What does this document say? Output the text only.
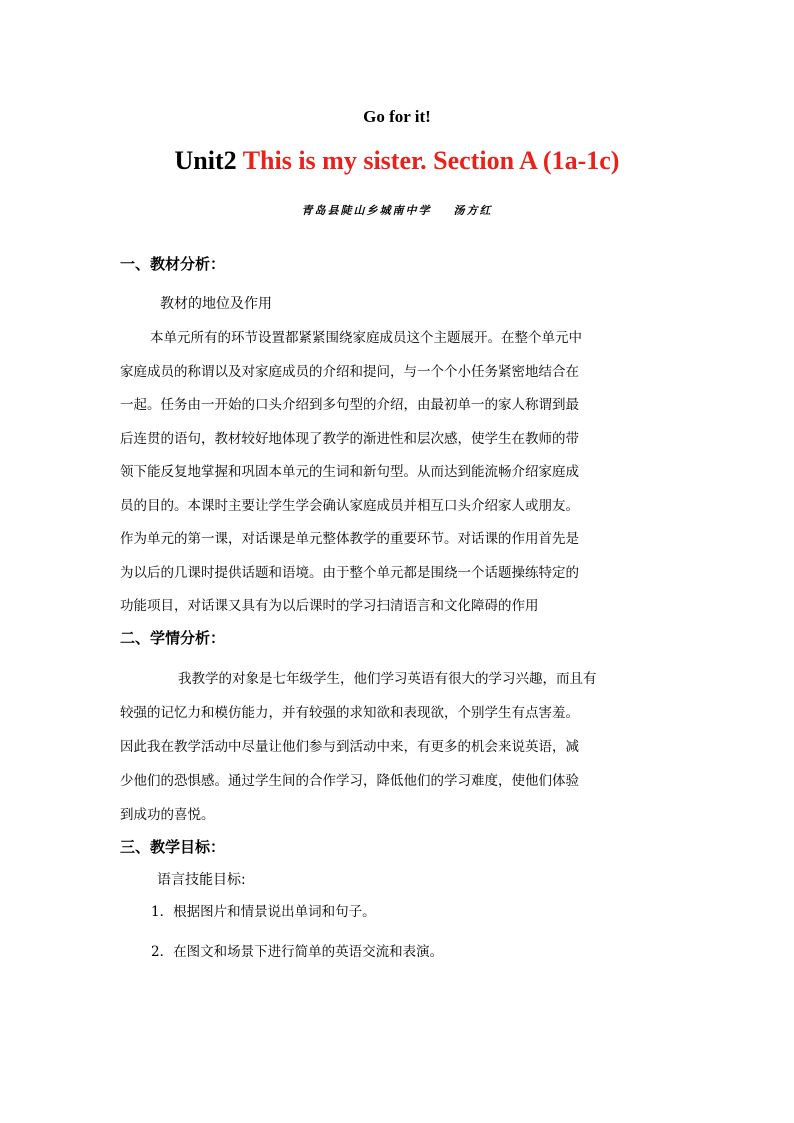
Go for it!
Unit2 This is my sister. Section A (1a-1c)
青岛县陡山乡城南中学 汤方红
一、教材分析：
教材的地位及作用
本单元所有的环节设置都紧紧围绕家庭成员这个主题展开。在整个单元中
家庭成员的称谓以及对家庭成员的介绍和提问，与一个个小任务紧密地结合在
一起。任务由一开始的口头介绍到多句型的介绍，由最初单一的家人称谓到最
后连贯的语句，教材较好地体现了教学的渐进性和层次感，使学生在教师的带
领下能反复地掌握和巩固本单元的生词和新句型。从而达到能流畅介绍家庭成
员的目的。本课时主要让学生学会确认家庭成员并相互口头介绍家人或朋友。
作为单元的第一课，对话课是单元整体教学的重要环节。对话课的作用首先是
为以后的几课时提供话题和语境。由于整个单元都是围绕一个话题操练特定的
功能项目，对话课又具有为以后课时的学习扫清语言和文化障碍的作用
二、学情分析：
我教学的对象是七年级学生，他们学习英语有很大的学习兴趣，而且有
较强的记忆力和模仿能力，并有较强的求知欲和表现欲，个别学生有点害羞。
因此我在教学活动中尽量让他们参与到活动中来，有更多的机会来说英语，减
少他们的恐惧感。通过学生间的合作学习，降低他们的学习难度，使他们体验
到成功的喜悦。
三、教学目标：
语言技能目标:
1．根据图片和情景说出单词和句子。
2．在图文和场景下进行简单的英语交流和表演。
